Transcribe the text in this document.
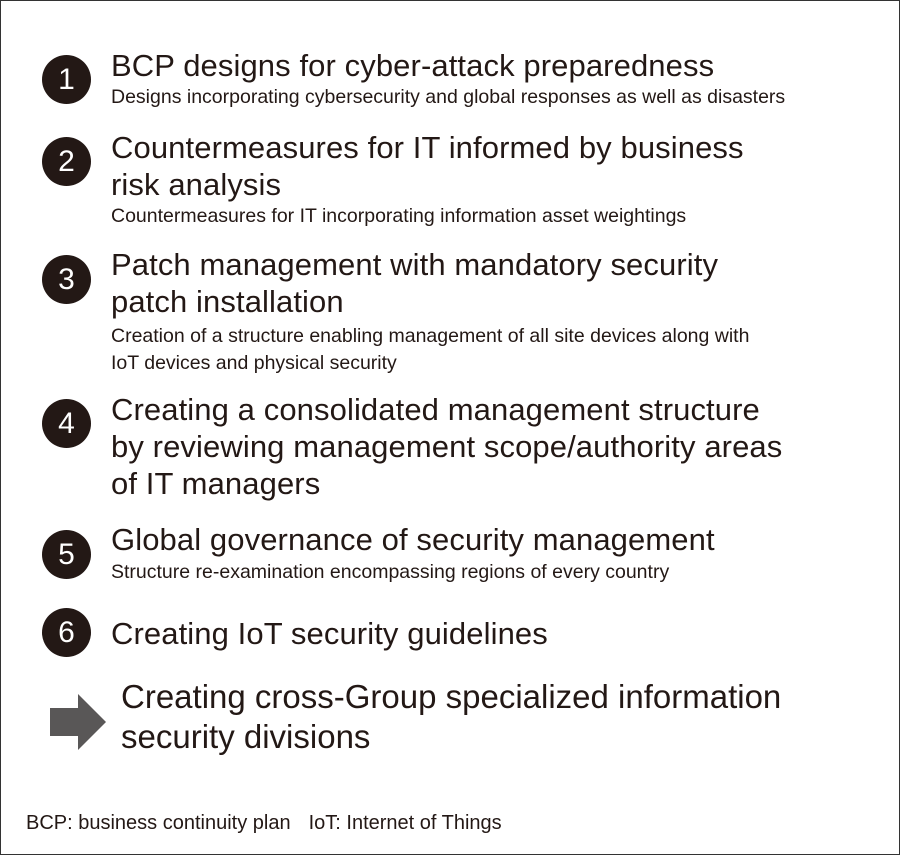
1	BCP designs for cyber-attack preparedness
Designs incorporating cybersecurity and global responses as well as disasters
2	Countermeasures for IT informed by business
risk analysis
Countermeasures for IT incorporating information asset weightings
3	Patch management with mandatory security
patch installation
Creation of a structure enabling management of all site devices along with
IoT devices and physical security
4	Creating a consolidated management structure
by reviewing management scope/authority areas
of IT managers
5	Global governance of security management
Structure re-examination encompassing regions of every country
6	Creating IoT security guidelines
Creating cross-Group specialized information
security divisions
BCP: business continuity plan IoT: Internet of Things
